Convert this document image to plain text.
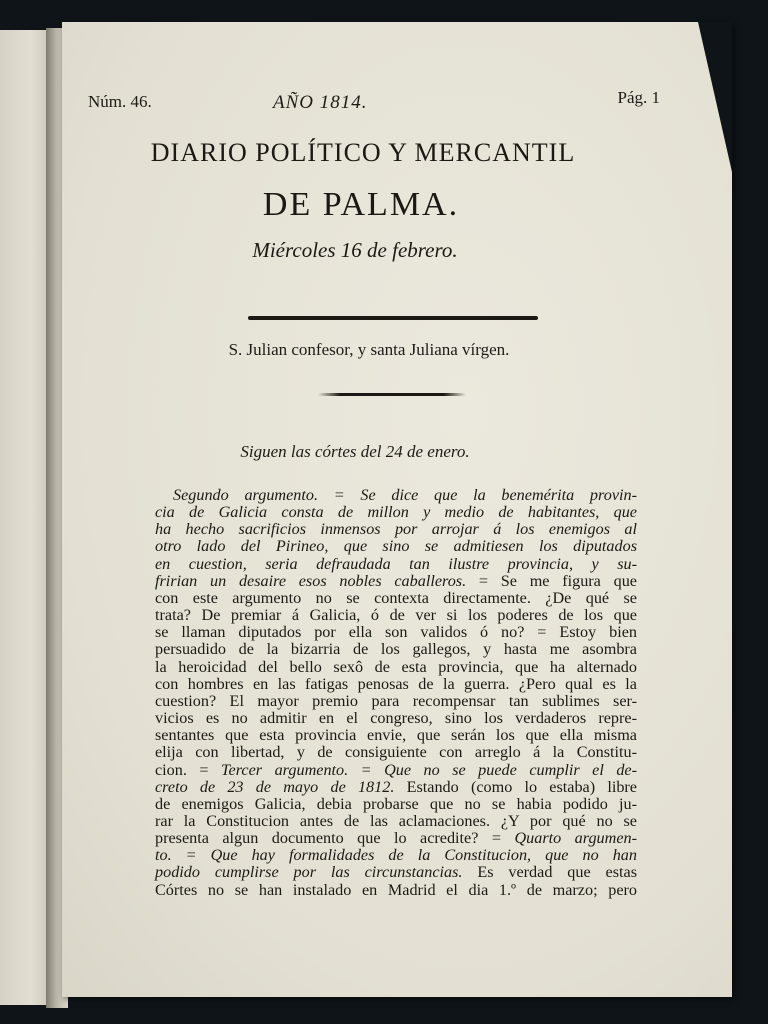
Núm. 46.	AÑO 1814.	Pág. 1
DIARIO POLÍTICO Y MERCANTIL
DE PALMA.
Miércoles 16 de febrero.
S. Julian confesor, y santa Juliana vírgen.
Siguen las córtes del 24 de enero.
Segundo argumento. = Se dice que la benemérita provin-
cia de Galicia consta de millon y medio de habitantes, que
ha hecho sacrificios inmensos por arrojar á los enemigos al
otro lado del Pirineo, que sino se admitiesen los diputados
en cuestion, seria defraudada tan ilustre provincia, y su-
fririan un desaire esos nobles caballeros. = Se me figura que
con este argumento no se contexta directamente. ¿De qué se
trata? De premiar á Galicia, ó de ver si los poderes de los que
se llaman diputados por ella son validos ó no? = Estoy bien
persuadido de la bizarria de los gallegos, y hasta me asombra
la heroicidad del bello sexô de esta provincia, que ha alternado
con hombres en las fatigas penosas de la guerra. ¿Pero qual es la
cuestion? El mayor premio para recompensar tan sublimes ser-
vicios es no admitir en el congreso, sino los verdaderos repre-
sentantes que esta provincia envie, que serán los que ella misma
elija con libertad, y de consiguiente con arreglo á la Constitu-
cion. = Tercer argumento. = Que no se puede cumplir el de-
creto de 23 de mayo de 1812. Estando (como lo estaba) libre
de enemigos Galicia, debia probarse que no se habia podido ju-
rar la Constitucion antes de las aclamaciones. ¿Y por qué no se
presenta algun documento que lo acredite? = Quarto argumen-
to. = Que hay formalidades de la Constitucion, que no han
podido cumplirse por las circunstancias. Es verdad que estas
Córtes no se han instalado en Madrid el dia 1.º de marzo; pero
